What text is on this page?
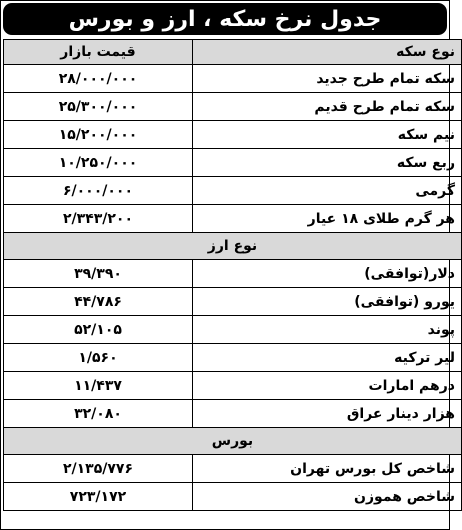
جدول نرخ سکه ، ارز و بورس
نوع سکه	قیمت بازار
سکه تمام طرح جدید	۲۸/۰۰۰/۰۰۰
سکه تمام طرح قدیم	۲۵/۳۰۰/۰۰۰
نیم سکه	۱۵/۲۰۰/۰۰۰
ربع سکه	۱۰/۲۵۰/۰۰۰
گرمی	۶/۰۰۰/۰۰۰
هر گرم طلای ۱۸ عیار	۲/۳۴۳/۲۰۰
نوع ارز	
دلار(توافقی)	۳۹/۳۹۰
یورو (توافقی)	۴۴/۷۸۶
پوند	۵۲/۱۰۵
لیر ترکیه	۱/۵۶۰
درهم امارات	۱۱/۴۳۷
هزار دینار عراق	۳۲/۰۸۰
بورس	
شاخص کل بورس تهران	۲/۱۳۵/۷۷۶
شاخص هموزن	۷۲۳/۱۷۲
